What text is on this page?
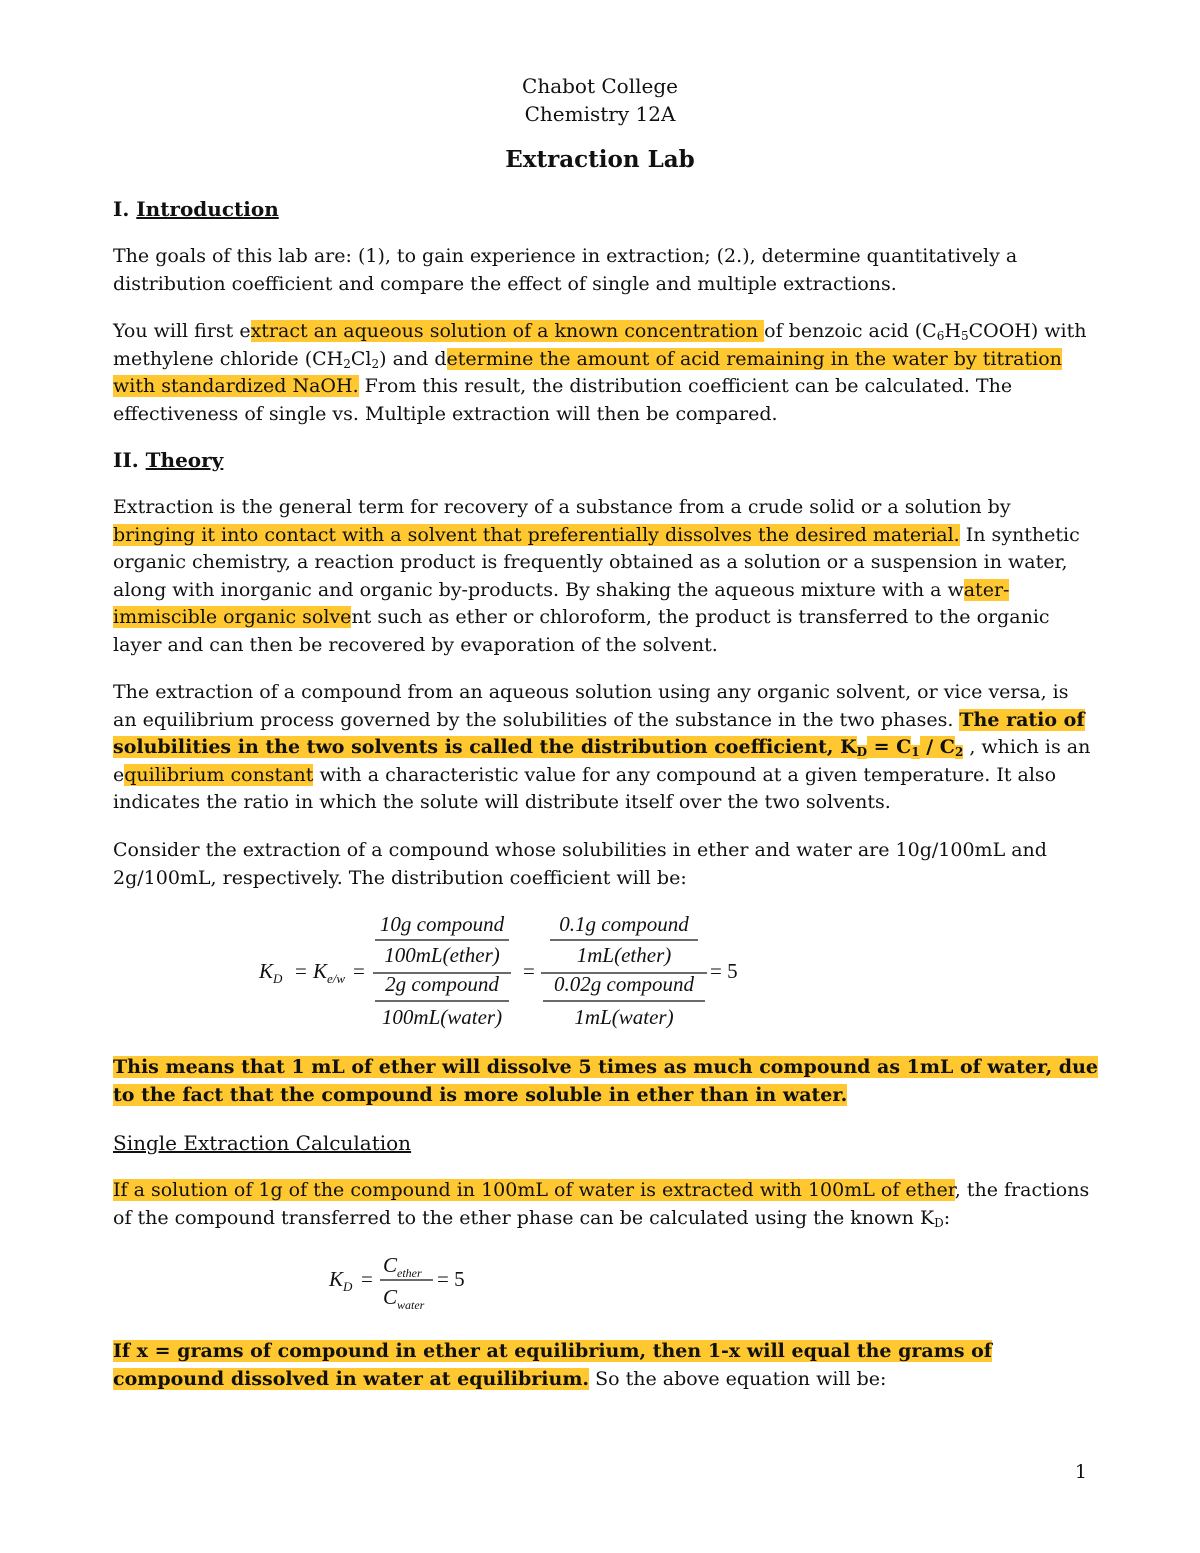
Chabot College
Chemistry 12A
Extraction Lab

I. Introduction

The goals of this lab are: (1), to gain experience in extraction; (2.), determine quantitatively a distribution coefficient and compare the effect of single and multiple extractions.

You will first extract an aqueous solution of a known concentration of benzoic acid $(C_6H_5COOH)$ with methylene chloride $(CH_2Cl_2)$ and determine the amount of acid remaining in the water by titration with standardized NaOH. From this result, the distribution coefficient can be calculated. The effectiveness of single vs. Multiple extraction will then be compared.

II. Theory

Extraction is the general term for recovery of a substance from a crude solid or a solution by bringing it into contact with a solvent that preferentially dissolves the desired material. In synthetic organic chemistry, a reaction product is frequently obtained as a solution or a suspension in water, along with inorganic and organic by-products. By shaking the aqueous mixture with a water-immiscible organic solvent such as ether or chloroform, the product is transferred to the organic layer and can then be recovered by evaporation of the solvent.

The extraction of a compound from an aqueous solution using any organic solvent, or vice versa, is an equilibrium process governed by the solubilities of the substance in the two phases. The ratio of solubilities in the two solvents is called the distribution coefficient, $K_D = C_1 / C_2$ , which is an equilibrium constant with a characteristic value for any compound at a given temperature. It also indicates the ratio in which the solute will distribute itself over the two solvents.

Consider the extraction of a compound whose solubilities in ether and water are 10g/100mL and 2g/100mL, respectively. The distribution coefficient will be:

$K_D = K_{e/w}$ =
10g compound
100mL(ether)
2g compound
100mL(water)
=
0.1g compound
1mL(ether)
0.02g compound
1mL(water)
= 5

This means that 1 mL of ether will dissolve 5 times as much compound as 1mL of water, due to the fact that the compound is more soluble in ether than in water.

Single Extraction Calculation

If a solution of 1g of the compound in 100mL of water is extracted with 100mL of ether, the fractions of the compound transferred to the ether phase can be calculated using the known $K_D$:

$K_D$ =
$C_{ether}$
$C_{water}$
= 5

If x = grams of compound in ether at equilibrium, then 1-x will equal the grams of compound dissolved in water at equilibrium. So the above equation will be:

1
